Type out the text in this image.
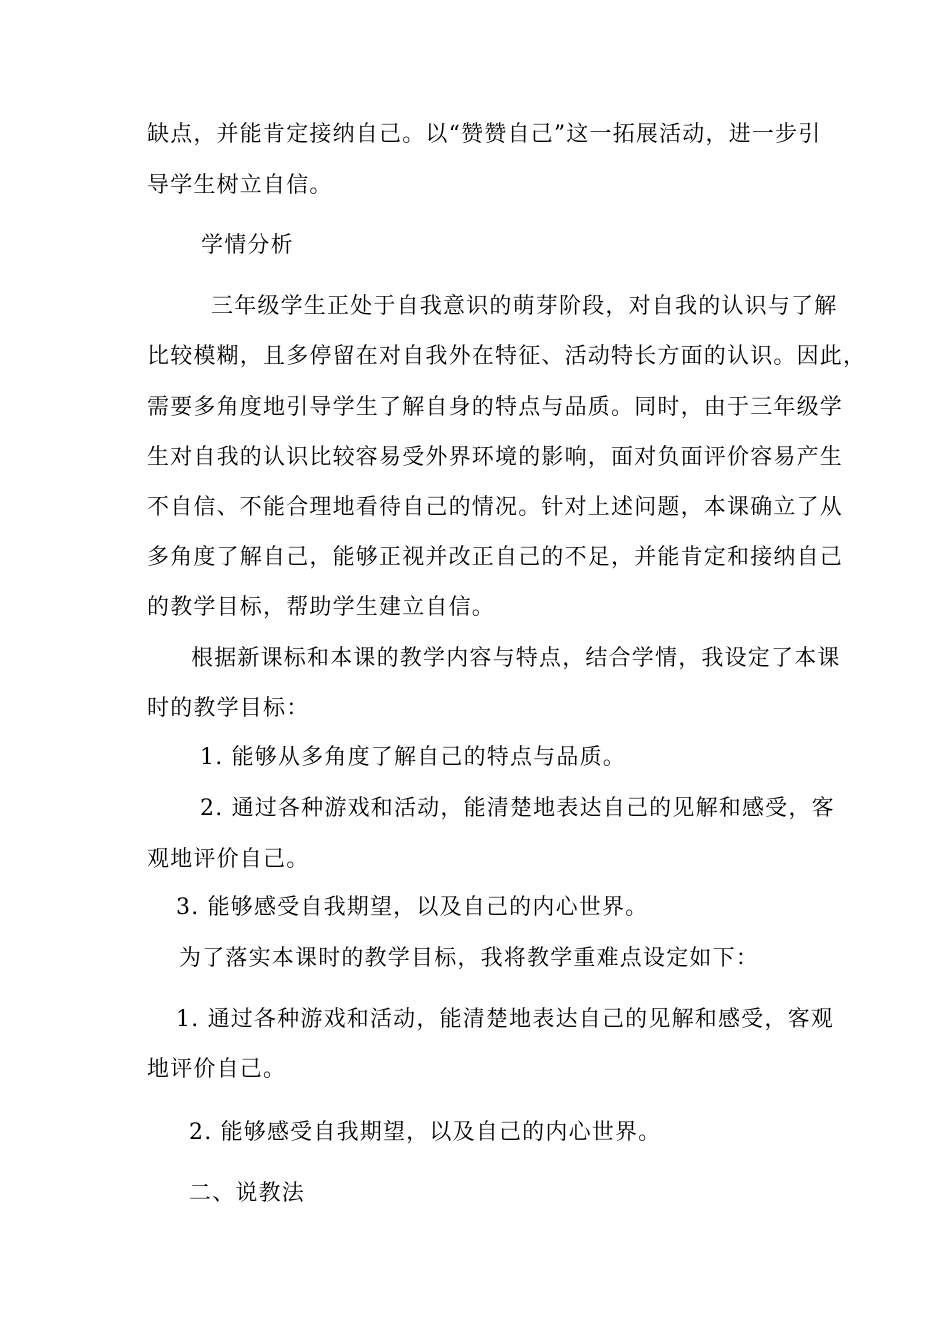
缺点，并能肯定接纳自己。以“赞赞自己”这一拓展活动，进一步引
导学生树立自信。
学情分析
三年级学生正处于自我意识的萌芽阶段，对自我的认识与了解
比较模糊，且多停留在对自我外在特征、活动特长方面的认识。因此，
需要多角度地引导学生了解自身的特点与品质。同时，由于三年级学
生对自我的认识比较容易受外界环境的影响，面对负面评价容易产生
不自信、不能合理地看待自己的情况。针对上述问题，本课确立了从
多角度了解自己，能够正视并改正自己的不足，并能肯定和接纳自己
的教学目标，帮助学生建立自信。
根据新课标和本课的教学内容与特点，结合学情，我设定了本课
时的教学目标：
1. 能够从多角度了解自己的特点与品质。
2. 通过各种游戏和活动，能清楚地表达自己的见解和感受，客
观地评价自己。
3. 能够感受自我期望，以及自己的内心世界。
为了落实本课时的教学目标，我将教学重难点设定如下：
1. 通过各种游戏和活动，能清楚地表达自己的见解和感受，客观
地评价自己。
2. 能够感受自我期望，以及自己的内心世界。
二、说教法
